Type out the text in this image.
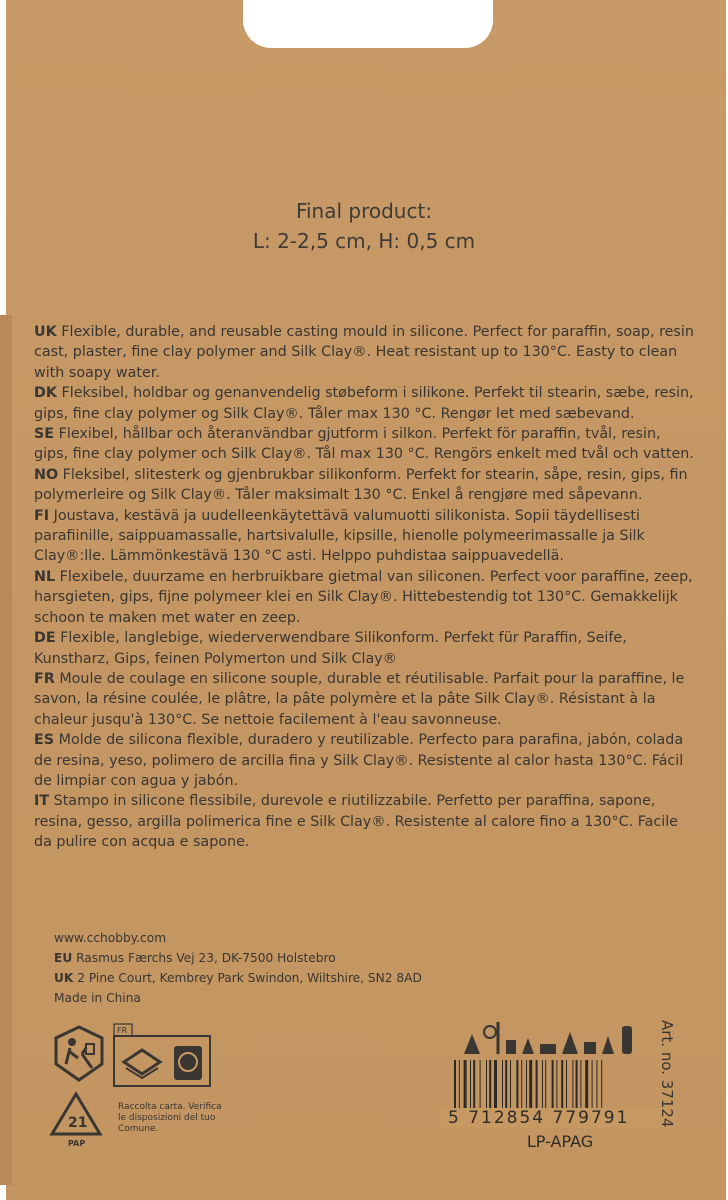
Final product:
L: 2-2,5 cm, H: 0,5 cm

UK Flexible, durable, and reusable casting mould in silicone. Perfect for paraffin, soap, resin cast, plaster, fine clay polymer and Silk Clay®. Heat resistant up to 130°C. Easty to clean with soapy water.

DK Fleksibel, holdbar og genanvendelig støbeform i silikone. Perfekt til stearin, sæbe, resin, gips, fine clay polymer og Silk Clay®. Tåler max 130 °C. Rengør let med sæbevand.

SE Flexibel, hållbar och återanvändbar gjutform i silkon. Perfekt för paraffin, tvål, resin, gips, fine clay polymer och Silk Clay®. Tål max 130 °C. Rengörs enkelt med tvål och vatten.

NO Fleksibel, slitesterk og gjenbrukbar silikonform. Perfekt for stearin, såpe, resin, gips, fin polymerleire og Silk Clay®. Tåler maksimalt 130 °C. Enkel å rengjøre med såpevann.

FI Joustava, kestävä ja uudelleenkäytettävä valumuotti silikonista. Sopii täydellisesti parafiinille, saippuamassalle, hartsivalulle, kipsille, hienolle polymeerimassalle ja Silk Clay®:lle. Lämmönkestävä 130 °C asti. Helppo puhdistaa saippuavedellä.

NL Flexibele, duurzame en herbruikbare gietmal van siliconen. Perfect voor paraffine, zeep, harsgieten, gips, fijne polymeer klei en Silk Clay®. Hittebestendig tot 130°C. Gemakkelijk schoon te maken met water en zeep.

DE Flexible, langlebige, wiederverwendbare Silikonform. Perfekt für Paraffin, Seife, Kunstharz, Gips, feinen Polymerton und Silk Clay®

FR Moule de coulage en silicone souple, durable et réutilisable. Parfait pour la paraffine, le savon, la résine coulée, le plâtre, la pâte polymère et la pâte Silk Clay®. Résistant à la chaleur jusqu'à 130°C. Se nettoie facilement à l'eau savonneuse.

ES Molde de silicona flexible, duradero y reutilizable. Perfecto para parafina, jabón, colada de resina, yeso, polimero de arcilla fina y Silk Clay®. Resistente al calor hasta 130°C. Fácil de limpiar con agua y jabón.

IT Stampo in silicone flessibile, durevole e riutilizzabile. Perfetto per paraffina, sapone, resina, gesso, argilla polimerica fine e Silk Clay®. Resistente al calore fino a 130°C. Facile da pulire con acqua e sapone.

www.cchobby.com

EU Rasmus Færchs Vej 23, DK-7500 Holstebro

UK 2 Pine Court, Kembrey Park Swindon, Wiltshire, SN2 8AD

Made in China

FR
21
PAP
Raccolta carta. Verifica le disposizioni del tuo Comune.
5 712854 779791
LP-APAG
Art. no. 37124
